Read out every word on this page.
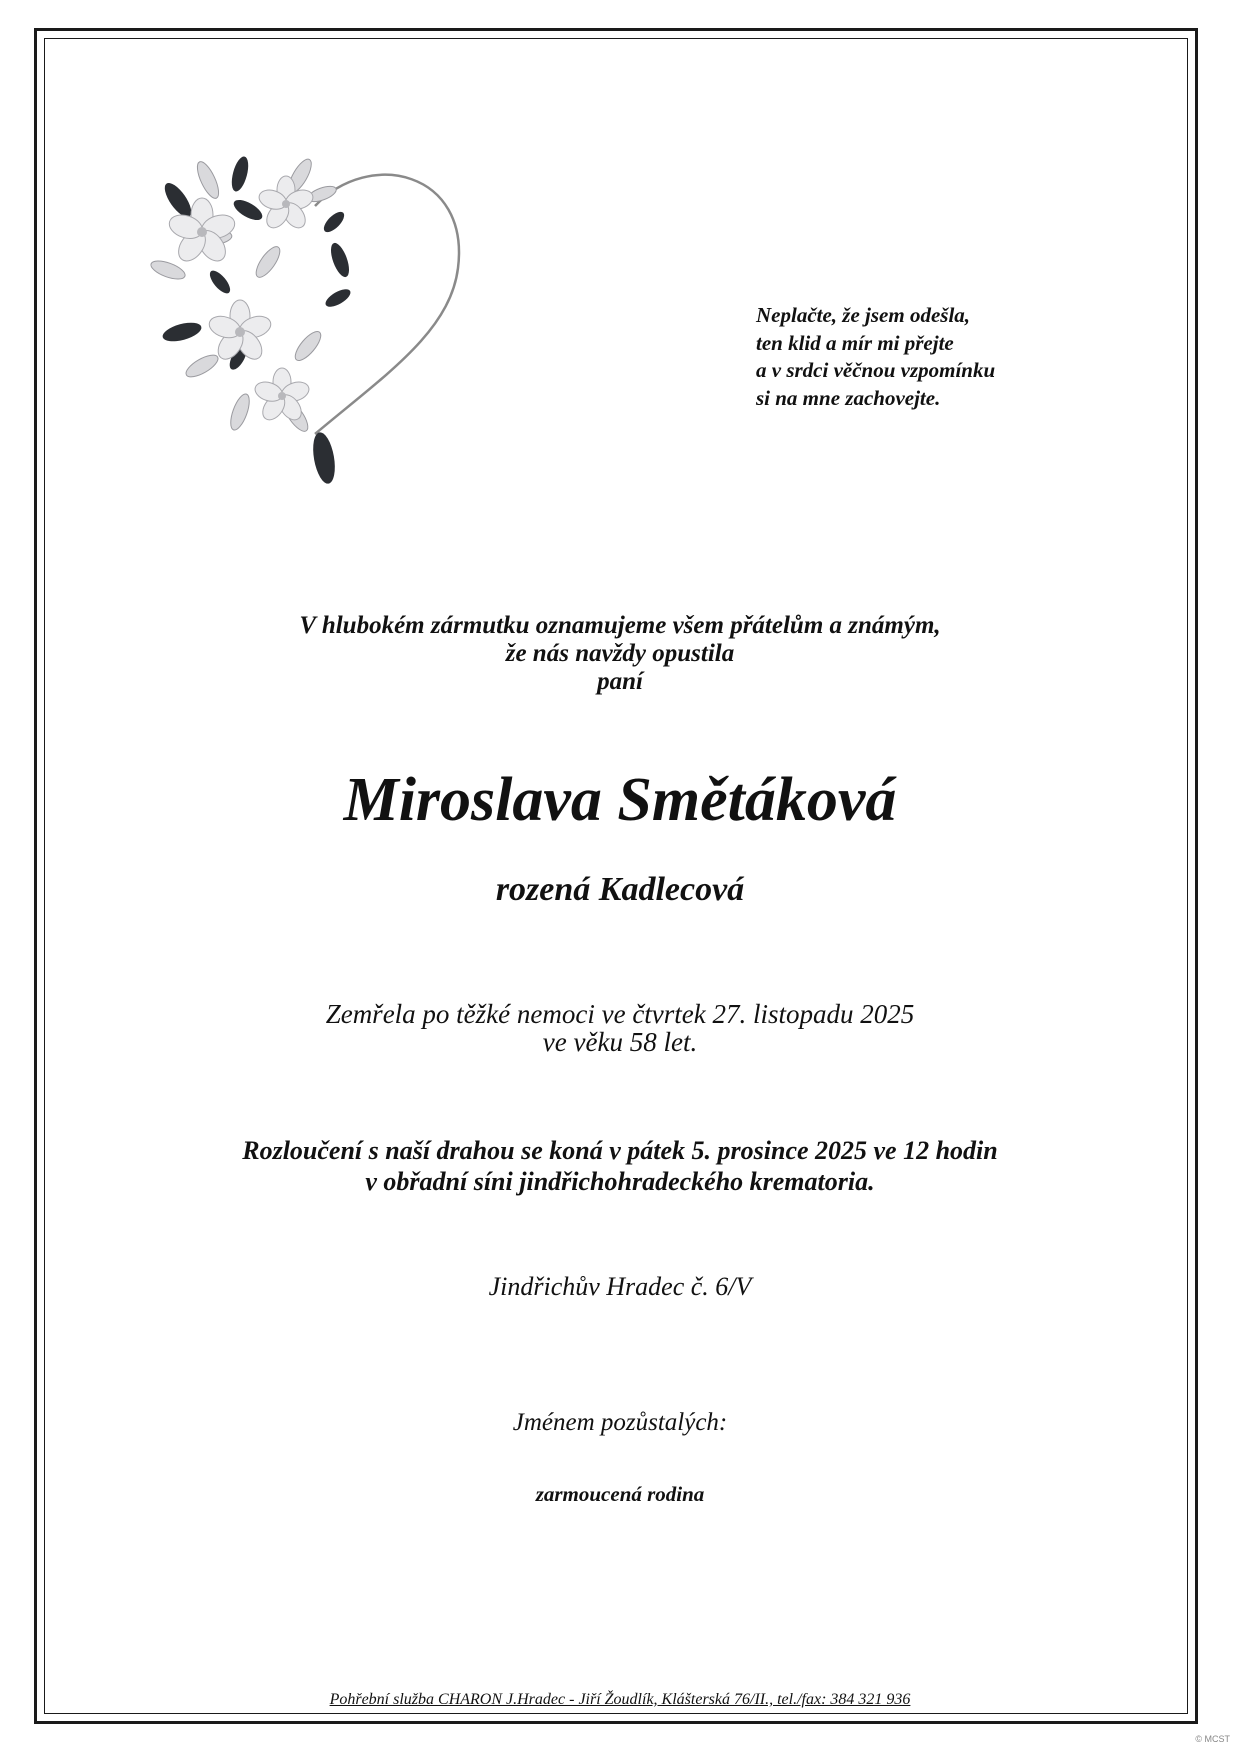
Neplačte, že jsem odešla,
ten klid a mír mi přejte
a v srdci věčnou vzpomínku
si na mne zachovejte.
V hlubokém zármutku oznamujeme všem přátelům a známým,
že nás navždy opustila
paní
Miroslava Smětáková
rozená Kadlecová
Zemřela po těžké nemoci ve čtvrtek 27. listopadu 2025
ve věku 58 let.
Rozloučení s naší drahou se koná v pátek 5. prosince 2025 ve 12 hodin
v obřadní síni jindřichohradeckého krematoria.
Jindřichův Hradec č. 6/V
Jménem pozůstalých:
zarmoucená rodina
Pohřební služba CHARON J.Hradec - Jiří Žoudlík, Klášterská 76/II., tel./fax: 384 321 936
© MCST
